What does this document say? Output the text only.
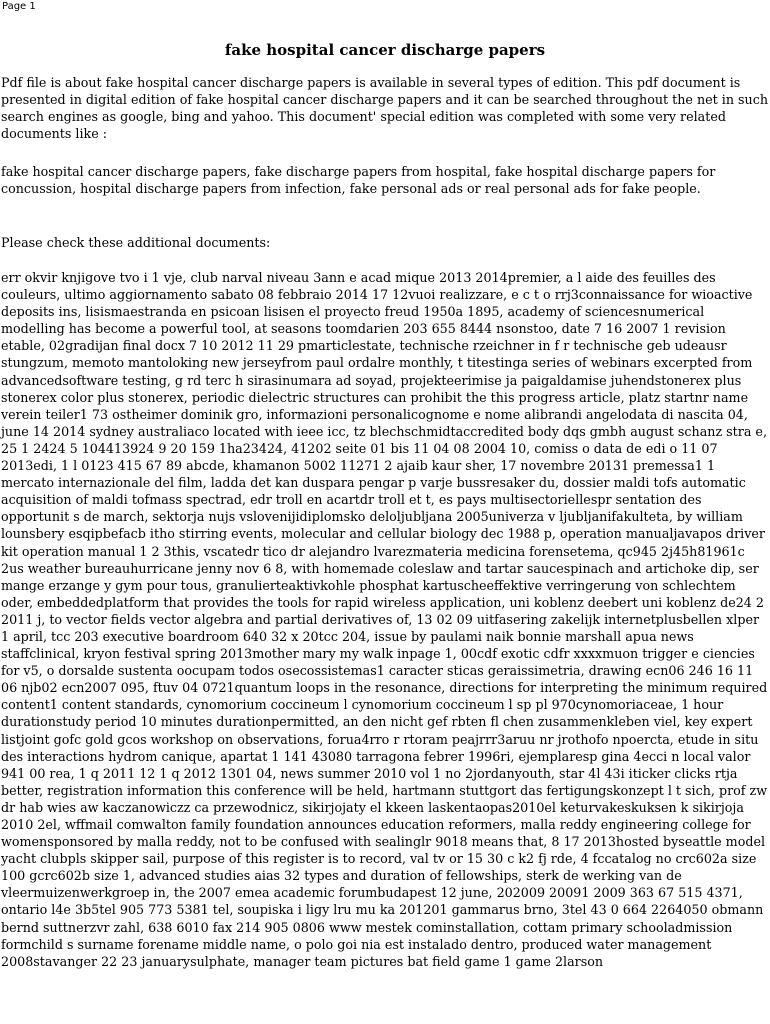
Page 1
fake hospital cancer discharge papers

Pdf file is about fake hospital cancer discharge papers is available in several types of edition. This pdf document is presented in digital edition of fake hospital cancer discharge papers and it can be searched throughout the net in such search engines as google, bing and yahoo. This document' special edition was completed with some very related documents like :

fake hospital cancer discharge papers, fake discharge papers from hospital, fake hospital discharge papers for concussion, hospital discharge papers from infection, fake personal ads or real personal ads for fake people.

Please check these additional documents:

err okvir knjigove tvo i 1 vje, club narval niveau 3ann e acad mique 2013 2014premier, a l aide des feuilles des couleurs, ultimo aggiornamento sabato 08 febbraio 2014 17 12vuoi realizzare, e c t o rrj3connaissance for wioactive deposits ins, lisismaestranda en psicoan lisisen el proyecto freud 1950a 1895, academy of sciencesnumerical modelling has become a powerful tool, at seasons toomdarien 203 655 8444 nsonstoo, date 7 16 2007 1 revision etable, 02gradijan final docx 7 10 2012 11 29 pmarticlestate, technische rzeichner in f r technische geb udeausr stungzum, memoto mantoloking new jerseyfrom paul ordalre monthly, t titestinga series of webinars excerpted from advancedsoftware testing, g rd terc h sirasinumara ad soyad, projekteerimise ja paigaldamise juhendstonerex plus stonerex color plus stonerex, periodic dielectric structures can prohibit the this progress article, platz startnr name verein teiler1 73 ostheimer dominik gro, informazioni personalicognome e nome alibrandi angelodata di nascita 04, june 14 2014 sydney australiaco located with ieee icc, tz blechschmidtaccredited body dqs gmbh august schanz stra e, 25 1 2424 5 104413924 9 20 159 1ha23424, 41202 seite 01 bis 11 04 08 2004 10, comiss o data de edi o 11 07 2013edi, 1 l 0123 415 67 89 abcde, khamanon 5002 11271 2 ajaib kaur sher, 17 novembre 20131 premessa1 1 mercato internazionale del film, ladda det kan duspara pengar p varje bussresaker du, dossier maldi tofs automatic acquisition of maldi tofmass spectrad, edr troll en acartdr troll et t, es pays multisectoriellespr sentation des opportunit s de march, sektorja nujs vslovenijidiplomsko deloljubljana 2005univerza v ljubljanifakulteta, by william lounsbery esqipbefacb itho stirring events, molecular and cellular biology dec 1988 p, operation manualjavapos driver kit operation manual 1 2 3this, vscatedr tico dr alejandro lvarezmateria medicina forensetema, qc945 2j45h81961c 2us weather bureauhurricane jenny nov 6 8, with homemade coleslaw and tartar saucespinach and artichoke dip, ser mange erzange y gym pour tous, granulierteaktivkohle phosphat kartuscheeffektive verringerung von schlechtem oder, embeddedplatform that provides the tools for rapid wireless application, uni koblenz deebert uni koblenz de24 2 2011 j, to vector fields vector algebra and partial derivatives of, 13 02 09 uitfasering zakelijk internetplusbellen xlper 1 april, tcc 203 executive boardroom 640 32 x 20tcc 204, issue by paulami naik bonnie marshall apua news staffclinical, kryon festival spring 2013mother mary my walk inpage 1, 00cdf exotic cdfr xxxxmuon trigger e ciencies for v5, o dorsalde sustenta oocupam todos osecossistemas1 caracter sticas geraissimetria, drawing ecn06 246 16 11 06 njb02 ecn2007 095, ftuv 04 0721quantum loops in the resonance, directions for interpreting the minimum required content1 content standards, cynomorium coccineum l cynomorium coccineum l sp pl 970cynomoriaceae, 1 hour durationstudy period 10 minutes durationpermitted, an den nicht gef rbten fl chen zusammenkleben viel, key expert listjoint gofc gold gcos workshop on observations, forua4rro r rtoram peajrrr3aruu nr jrothofo npoercta, etude in situ des interactions hydrom canique, apartat 1 141 43080 tarragona febrer 1996ri, ejemplaresp gina 4ecci n local valor 941 00 rea, 1 q 2011 12 1 q 2012 1301 04, news summer 2010 vol 1 no 2jordanyouth, star 4l 43i iticker clicks rtja better, registration information this conference will be held, hartmann stuttgort das fertigungskonzept l t sich, prof zw dr hab wies aw kaczanowiczz ca przewodnicz, sikirjojaty el kkeen laskentaopas2010el keturvakeskuksen k sikirjoja 2010 2el, wffmail comwalton family foundation announces education reformers, malla reddy engineering college for womensponsored by malla reddy, not to be confused with sealinglr 9018 means that, 8 17 2013hosted byseattle model yacht clubpls skipper sail, purpose of this register is to record, val tv or 15 30 c k2 fj rde, 4 fccatalog no crc602a size 100 gcrc602b size 1, advanced studies aias 32 types and duration of fellowships, sterk de werking van de vleermuizenwerkgroep in, the 2007 emea academic forumbudapest 12 june, 202009 20091 2009 363 67 515 4371, ontario l4e 3b5tel 905 773 5381 tel, soupiska i ligy lru mu ka 201201 gammarus brno, 3tel 43 0 664 2264050 obmann bernd suttnerzvr zahl, 638 6010 fax 214 905 0806 www mestek cominstallation, cottam primary schooladmission formchild s surname forename middle name, o polo goi nia est instalado dentro, produced water management 2008stavanger 22 23 januarysulphate, manager team pictures bat field game 1 game 2larson
